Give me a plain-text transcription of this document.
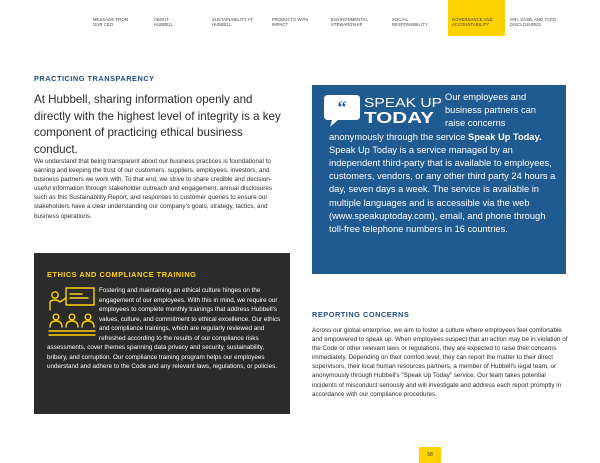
MESSAGE FROM
OUR CEO
ABOUT
HUBBELL
SUSTAINABILITY AT
HUBBELL
PRODUCTS WITH
IMPACT
ENVIRONMENTAL
STEWARDSHIP
SOCIAL
RESPONSIBILITY
GOVERNANCE AND
ACCOUNTABILITY
GRI, SASB, AND TCFD
DISCLOSURES
PRACTICING TRANSPARENCY
At Hubbell, sharing information openly and directly with the highest level of integrity is a key component of practicing ethical business conduct.
We understand that being transparent about our business practices is foundational to earning and keeping the trust of our customers, suppliers, employees, investors, and business partners we work with. To that end, we strive to share credible and decision-useful information through stakeholder outreach and engagement, annual disclosures such as this Sustainability Report, and responses to customer queries to ensure our stakeholders have a clear understanding our company's goals, strategy, tactics, and business operations.
Our employees and business partners can raise concerns anonymously through the service Speak Up Today. Speak Up Today is a service managed by an independent third-party that is available to employees, customers, vendors, or any other third party 24 hours a day, seven days a week. The service is available in multiple languages and is accessible via the web (www.speakuptoday.com), email, and phone through toll-free telephone numbers in 16 countries.
“ SPEAK UP
TODAY
ETHICS AND COMPLIANCE TRAINING
Fostering and maintaining an ethical culture hinges on the engagement of our employees. With this in mind, we require our employees to complete monthly trainings that address Hubbell's values, culture, and commitment to ethical excellence. Our ethics and compliance trainings, which are regularly reviewed and refreshed according to the results of our compliance risks assessments, cover themes spanning data privacy and security, sustainability, bribery, and corruption. Our compliance training program helps our employees understand and adhere to the Code and any relevant laws, regulations, or policies.
REPORTING CONCERNS
Across our global enterprise, we aim to foster a culture where employees feel comfortable and empowered to speak up. When employees suspect that an action may be in violation of the Code or other relevant laws or regulations, they are expected to raise their concerns immediately. Depending on their comfort level, they can report the matter to their direct supervisors, their local human resources partners, a member of Hubbell's legal team, or anonymously through Hubbell's "Speak Up Today" service. Our team takes potential incidents of misconduct seriously and will investigate and address each report promptly in accordance with our compliance procedures.
58
